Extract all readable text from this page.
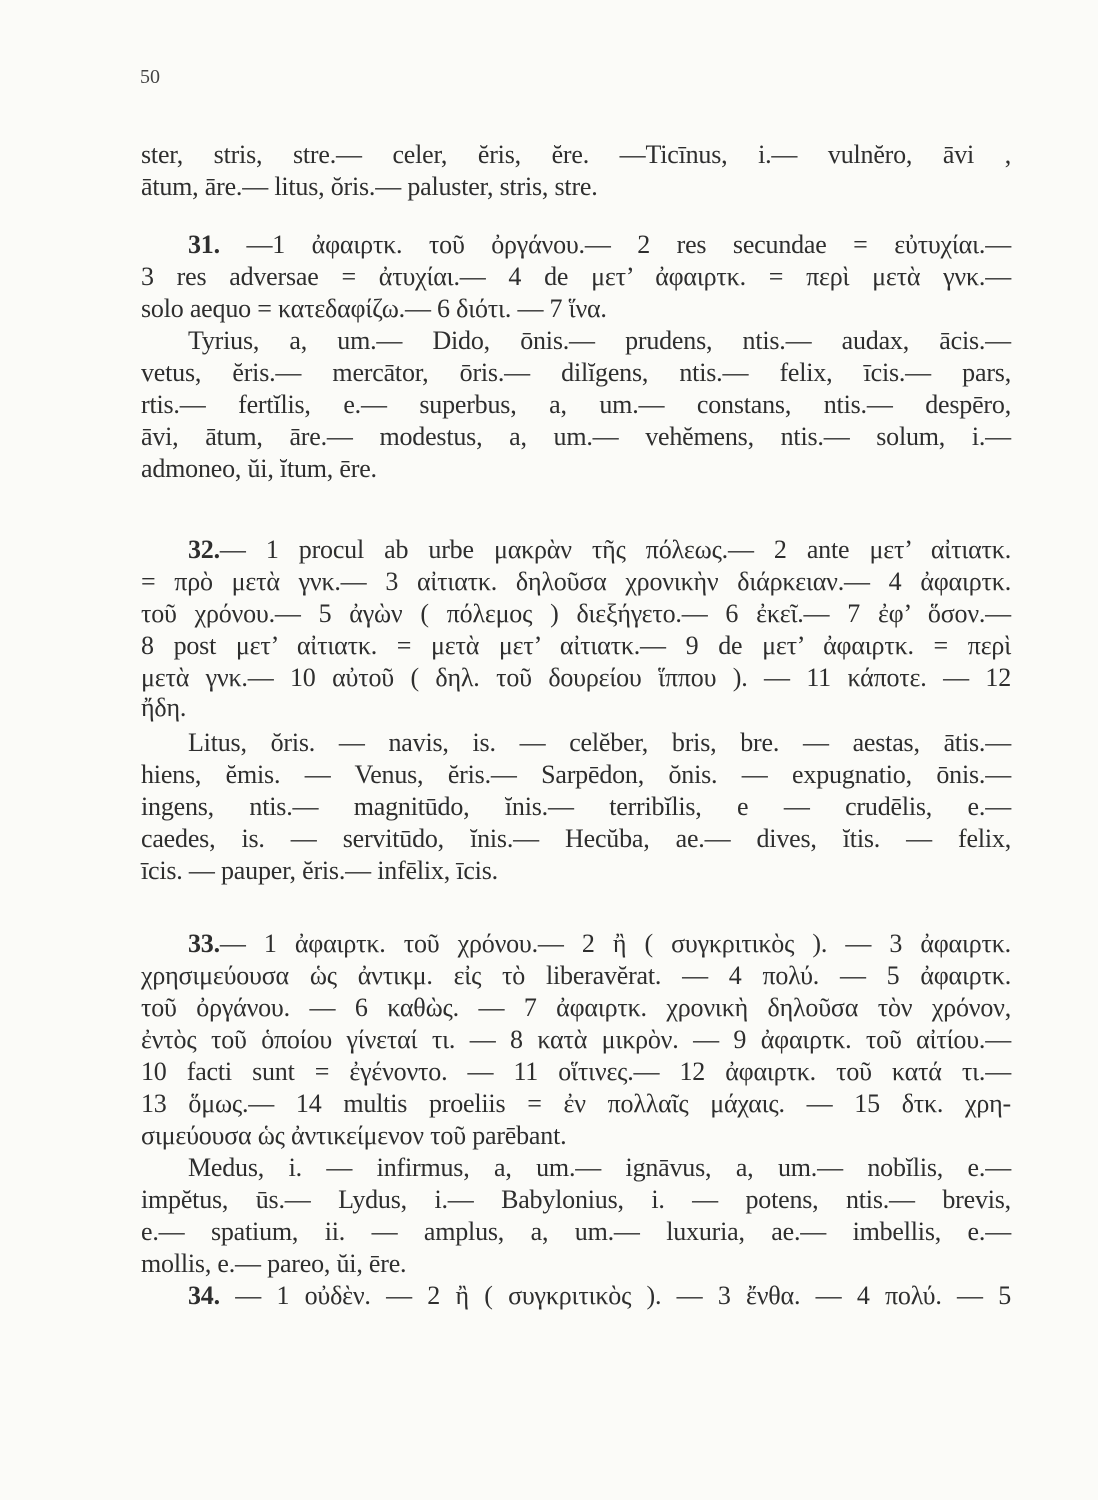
50
ster, stris, stre.— celer, ĕris, ĕre. —Ticīnus, i.— vulnĕro, āvi ,
ātum, āre.— litus, ŏris.— paluster, stris, stre.
31. —1 ἀφαιρτκ. τοῦ ὀργάνου.— 2 res secundae = εὐτυχίαι.—
3 res adversae = ἀτυχίαι.— 4 de μετ’ ἀφαιρτκ. = περὶ μετὰ γνκ.—
solo aequo = κατεδαφίζω.— 6 διότι. — 7 ἵνα.
Tyrius, a, um.— Dido, ōnis.— prudens, ntis.— audax, ācis.—
vetus, ĕris.— mercātor, ōris.— dilĭgens, ntis.— felix, īcis.— pars,
rtis.— fertĭlis, e.— superbus, a, um.— constans, ntis.— despēro,
āvi, ātum, āre.— modestus, a, um.— vehĕmens, ntis.— solum, i.—
admoneo, ŭi, ĭtum, ēre.
32.— 1 procul ab urbe μακρὰν τῆς πόλεως.— 2 ante μετ’ αἰτιατκ.
= πρὸ μετὰ γνκ.— 3 αἰτιατκ. δηλοῦσα χρονικὴν διάρκειαν.— 4 ἀφαιρτκ.
τοῦ χρόνου.— 5 ἀγὼν ( πόλεμος ) διεξήγετο.— 6 ἐκεῖ.— 7 ἐφ’ ὅσον.—
8 post μετ’ αἰτιατκ. = μετὰ μετ’ αἰτιατκ.— 9 de μετ’ ἀφαιρτκ. = περὶ
μετὰ γνκ.— 10 αὐτοῦ ( δηλ. τοῦ δουρείου ἵππου ). — 11 κάποτε. — 12
ἤδη.
Litus, ŏris. — navis, is. — celĕber, bris, bre. — aestas, ātis.—
hiens, ĕmis. — Venus, ĕris.— Sarpēdon, ŏnis. — expugnatio, ōnis.—
ingens, ntis.— magnitūdo, ĭnis.— terribĭlis, e — crudēlis, e.—
caedes, is. — servitūdo, ĭnis.— Hecŭba, ae.— dives, ĭtis. — felix,
īcis. — pauper, ĕris.— infēlix, īcis.
33.— 1 ἀφαιρτκ. τοῦ χρόνου.— 2 ἢ ( συγκριτικὸς ). — 3 ἀφαιρτκ.
χρησιμεύουσα ὡς ἀντικμ. εἰς τὸ liberavĕrat. — 4 πολύ. — 5 ἀφαιρτκ.
τοῦ ὀργάνου. — 6 καθὼς. — 7 ἀφαιρτκ. χρονικὴ δηλοῦσα τὸν χρόνον,
ἐντὸς τοῦ ὁποίου γίνεταί τι. — 8 κατὰ μικρὸν. — 9 ἀφαιρτκ. τοῦ αἰτίου.—
10 facti sunt = ἐγένοντο. — 11 οἵτινες.— 12 ἀφαιρτκ. τοῦ κατά τι.—
13 ὅμως.— 14 multis proeliis = ἐν πολλαῖς μάχαις. — 15 δτκ. χρη-
σιμεύουσα ὡς ἀντικείμενον τοῦ parēbant.
Medus, i. — infirmus, a, um.— ignāvus, a, um.— nobĭlis, e.—
impĕtus, ūs.— Lydus, i.— Babylonius, i. — potens, ntis.— brevis,
e.— spatium, ii. — amplus, a, um.— luxuria, ae.— imbellis, e.—
mollis, e.— pareo, ŭi, ēre.
34. — 1 οὐδὲν. — 2 ἢ ( συγκριτικὸς ). — 3 ἔνθα. — 4 πολύ. — 5
